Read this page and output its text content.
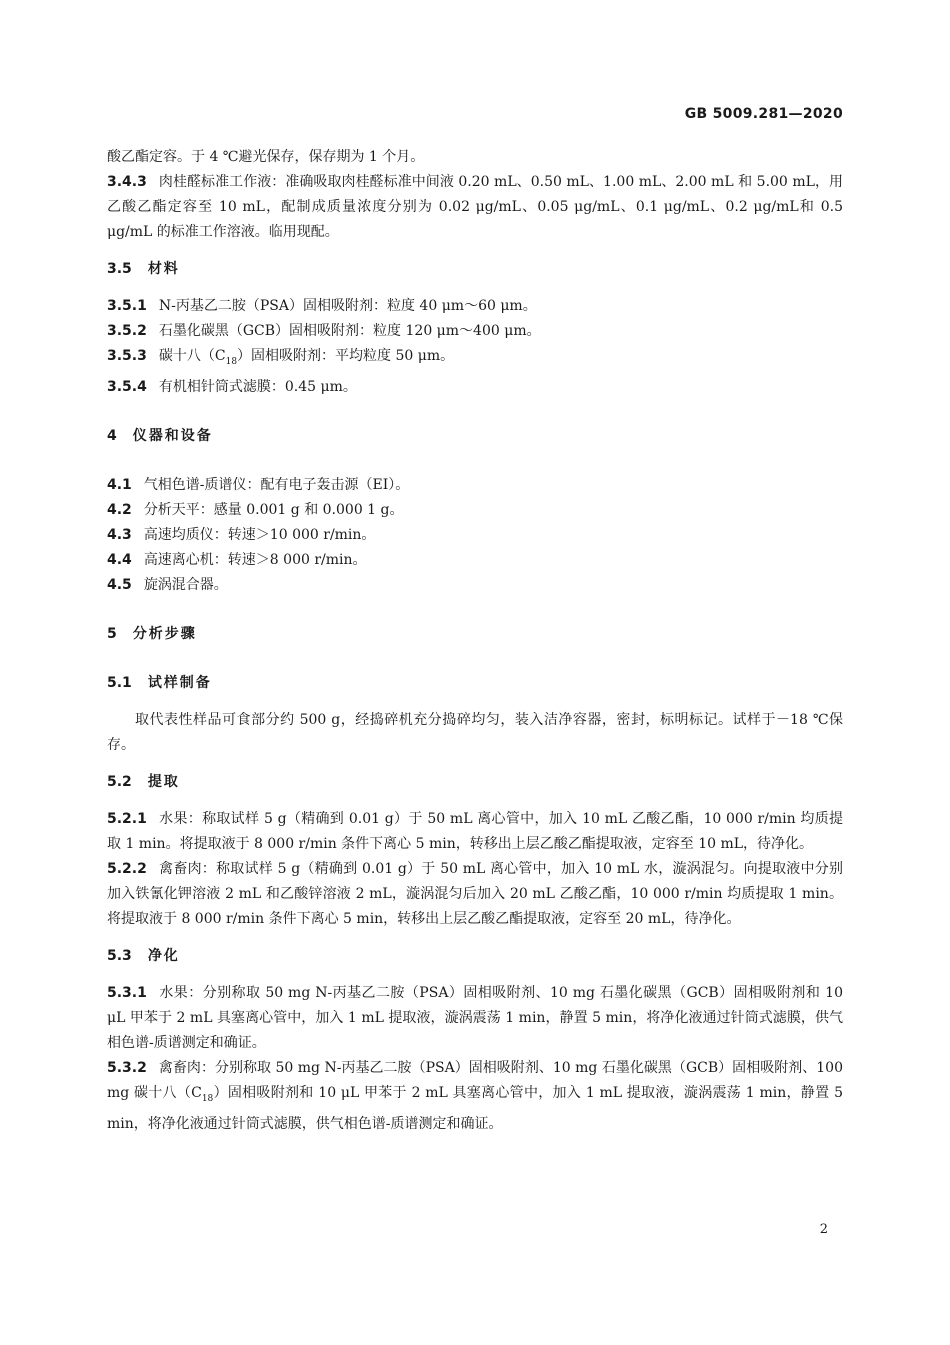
GB 5009.281—2020

酸乙酯定容。于 4 ℃避光保存，保存期为 1 个月。

3.4.3 肉桂醛标准工作液：准确吸取肉桂醛标准中间液 0.20 mL、0.50 mL、1.00 mL、2.00 mL 和 5.00 mL，用乙酸乙酯定容至 10 mL，配制成质量浓度分别为 0.02 μg/mL、0.05 μg/mL、0.1 μg/mL、0.2 μg/mL和 0.5 μg/mL 的标准工作溶液。临用现配。

3.5 材料

3.5.1 N-丙基乙二胺（PSA）固相吸附剂：粒度 40 μm～60 μm。

3.5.2 石墨化碳黑（GCB）固相吸附剂：粒度 120 μm～400 μm。

3.5.3 碳十八$(C_{18})$固相吸附剂：平均粒度 50 μm。

3.5.4 有机相针筒式滤膜：0.45 μm。

4 仪器和设备

4.1 气相色谱-质谱仪：配有电子轰击源（EI）。

4.2 分析天平：感量 0.001 g 和 0.000 1 g。

4.3 高速均质仪：转速＞10 000 r/min。

4.4 高速离心机：转速＞8 000 r/min。

4.5 旋涡混合器。

5 分析步骤

5.1 试样制备

取代表性样品可食部分约 500 g，经捣碎机充分捣碎均匀，装入洁净容器，密封，标明标记。试样于－18 ℃保存。

5.2 提取

5.2.1 水果：称取试样 5 g（精确到 0.01 g）于 50 mL 离心管中，加入 10 mL 乙酸乙酯，10 000 r/min 均质提取 1 min。将提取液于 8 000 r/min 条件下离心 5 min，转移出上层乙酸乙酯提取液，定容至 10 mL，待净化。

5.2.2 禽畜肉：称取试样 5 g（精确到 0.01 g）于 50 mL 离心管中，加入 10 mL 水，漩涡混匀。向提取液中分别加入铁氰化钾溶液 2 mL 和乙酸锌溶液 2 mL，漩涡混匀后加入 20 mL 乙酸乙酯，10 000 r/min 均质提取 1 min。将提取液于 8 000 r/min 条件下离心 5 min，转移出上层乙酸乙酯提取液，定容至 20 mL，待净化。

5.3 净化

5.3.1 水果：分别称取 50 mg N-丙基乙二胺（PSA）固相吸附剂、10 mg 石墨化碳黑（GCB）固相吸附剂和 10 μL 甲苯于 2 mL 具塞离心管中，加入 1 mL 提取液，漩涡震荡 1 min，静置 5 min，将净化液通过针筒式滤膜，供气相色谱-质谱测定和确证。

5.3.2 禽畜肉：分别称取 50 mg N-丙基乙二胺（PSA）固相吸附剂、10 mg 石墨化碳黑（GCB）固相吸附剂、100 mg 碳十八$(C_{18})$固相吸附剂和 10 μL 甲苯于 2 mL 具塞离心管中，加入 1 mL 提取液，漩涡震荡 1 min，静置 5 min，将净化液通过针筒式滤膜，供气相色谱-质谱测定和确证。

2
